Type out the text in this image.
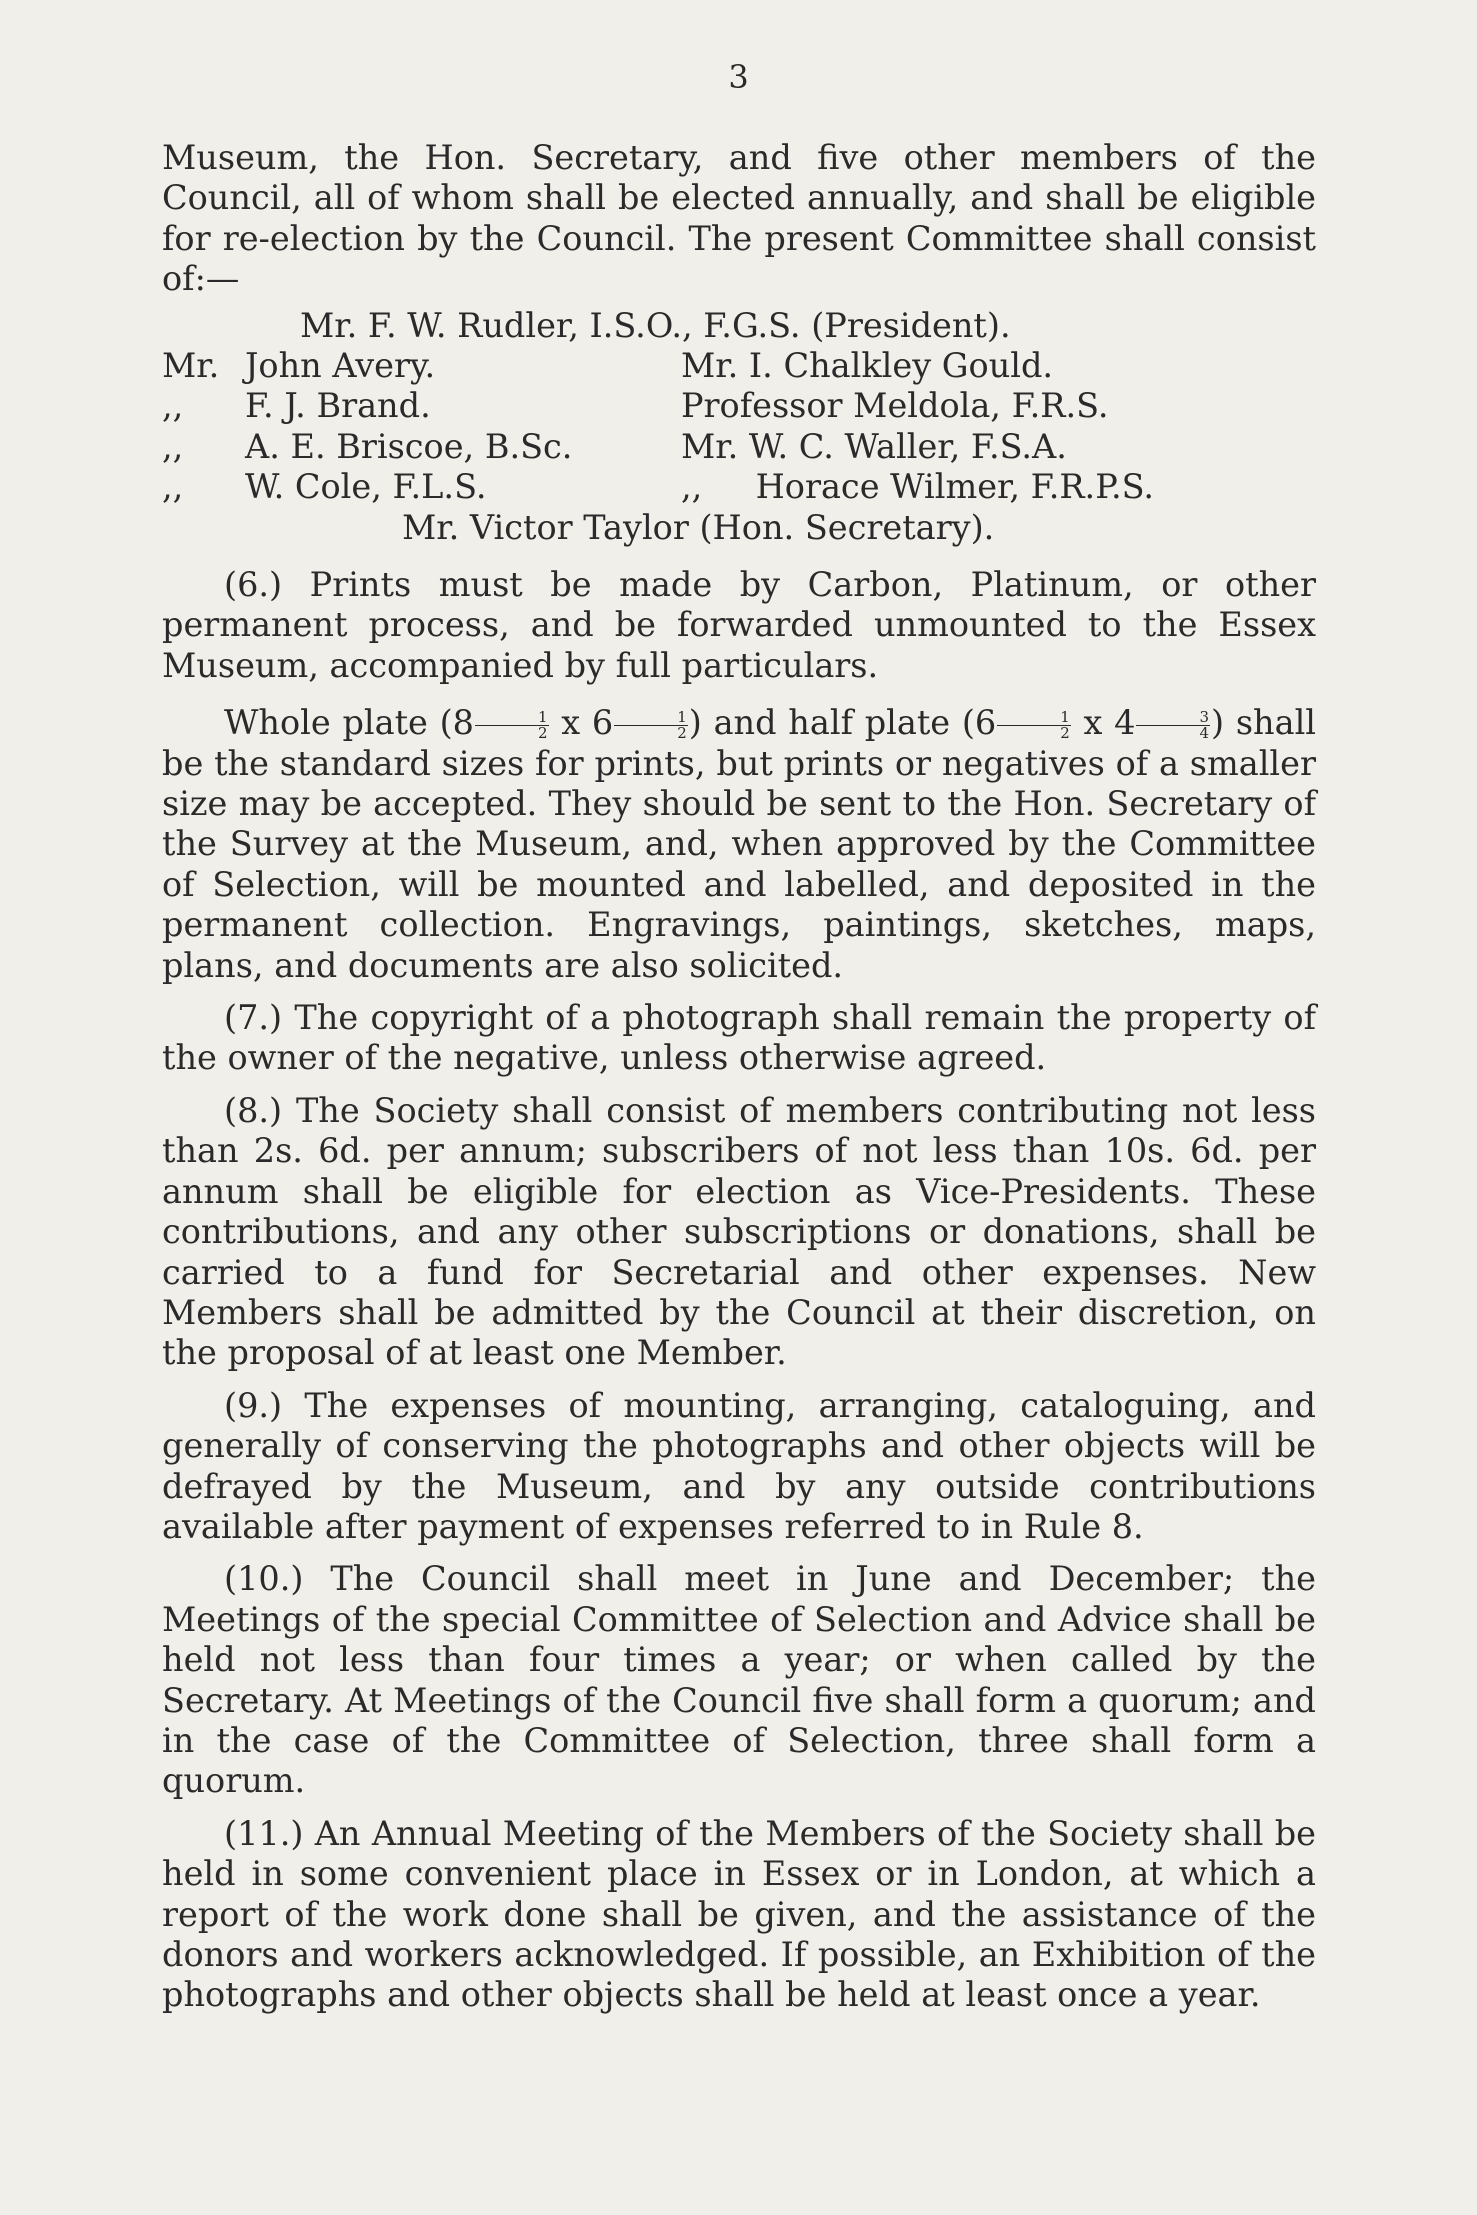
3

Museum, the Hon. Secretary, and five other members of the Council, all of whom shall be elected annually, and shall be eligible for re-election by the Council. The present Committee shall consist of:—

Mr. F. W. Rudler, I.S.O., F.G.S. (President).

Mr. John Avery.	Mr. I. Chalkley Gould.
,,	F. J. Brand.	Professor Meldola, F.R.S.
,,	A. E. Briscoe, B.Sc.	Mr. W. C. Waller, F.S.A.
,,	W. Cole, F.L.S.	,, Horace Wilmer, F.R.P.S.

Mr. Victor Taylor (Hon. Secretary).

(6.) Prints must be made by Carbon, Platinum, or other permanent process, and be forwarded unmounted to the Essex Museum, accompanied by full particulars.

Whole plate ($8 \frac{1}{2}$ x $6 \frac{1}{2}$ ) and half plate ($6 \frac{1}{2}$ x $4 \frac{3}{4}$ ) shall be the standard sizes for prints, but prints or negatives of a smaller size may be accepted. They should be sent to the Hon. Secretary of the Survey at the Museum, and, when approved by the Committee of Selection, will be mounted and labelled, and deposited in the permanent collection. Engravings, paintings, sketches, maps, plans, and documents are also solicited.

(7.) The copyright of a photograph shall remain the property of the owner of the negative, unless otherwise agreed.

(8.) The Society shall consist of members contributing not less than 2s. 6d. per annum; subscribers of not less than 10s. 6d. per annum shall be eligible for election as Vice-Presidents. These contributions, and any other subscriptions or donations, shall be carried to a fund for Secretarial and other expenses. New Members shall be admitted by the Council at their discretion, on the proposal of at least one Member.

(9.) The expenses of mounting, arranging, cataloguing, and generally of conserving the photographs and other objects will be defrayed by the Museum, and by any outside contributions available after payment of expenses referred to in Rule 8.

(10.) The Council shall meet in June and December; the Meetings of the special Committee of Selection and Advice shall be held not less than four times a year; or when called by the Secretary. At Meetings of the Council five shall form a quorum; and in the case of the Committee of Selection, three shall form a quorum.

(11.) An Annual Meeting of the Members of the Society shall be held in some convenient place in Essex or in London, at which a report of the work done shall be given, and the assistance of the donors and workers acknowledged. If possible, an Exhibition of the photographs and other objects shall be held at least once a year.
